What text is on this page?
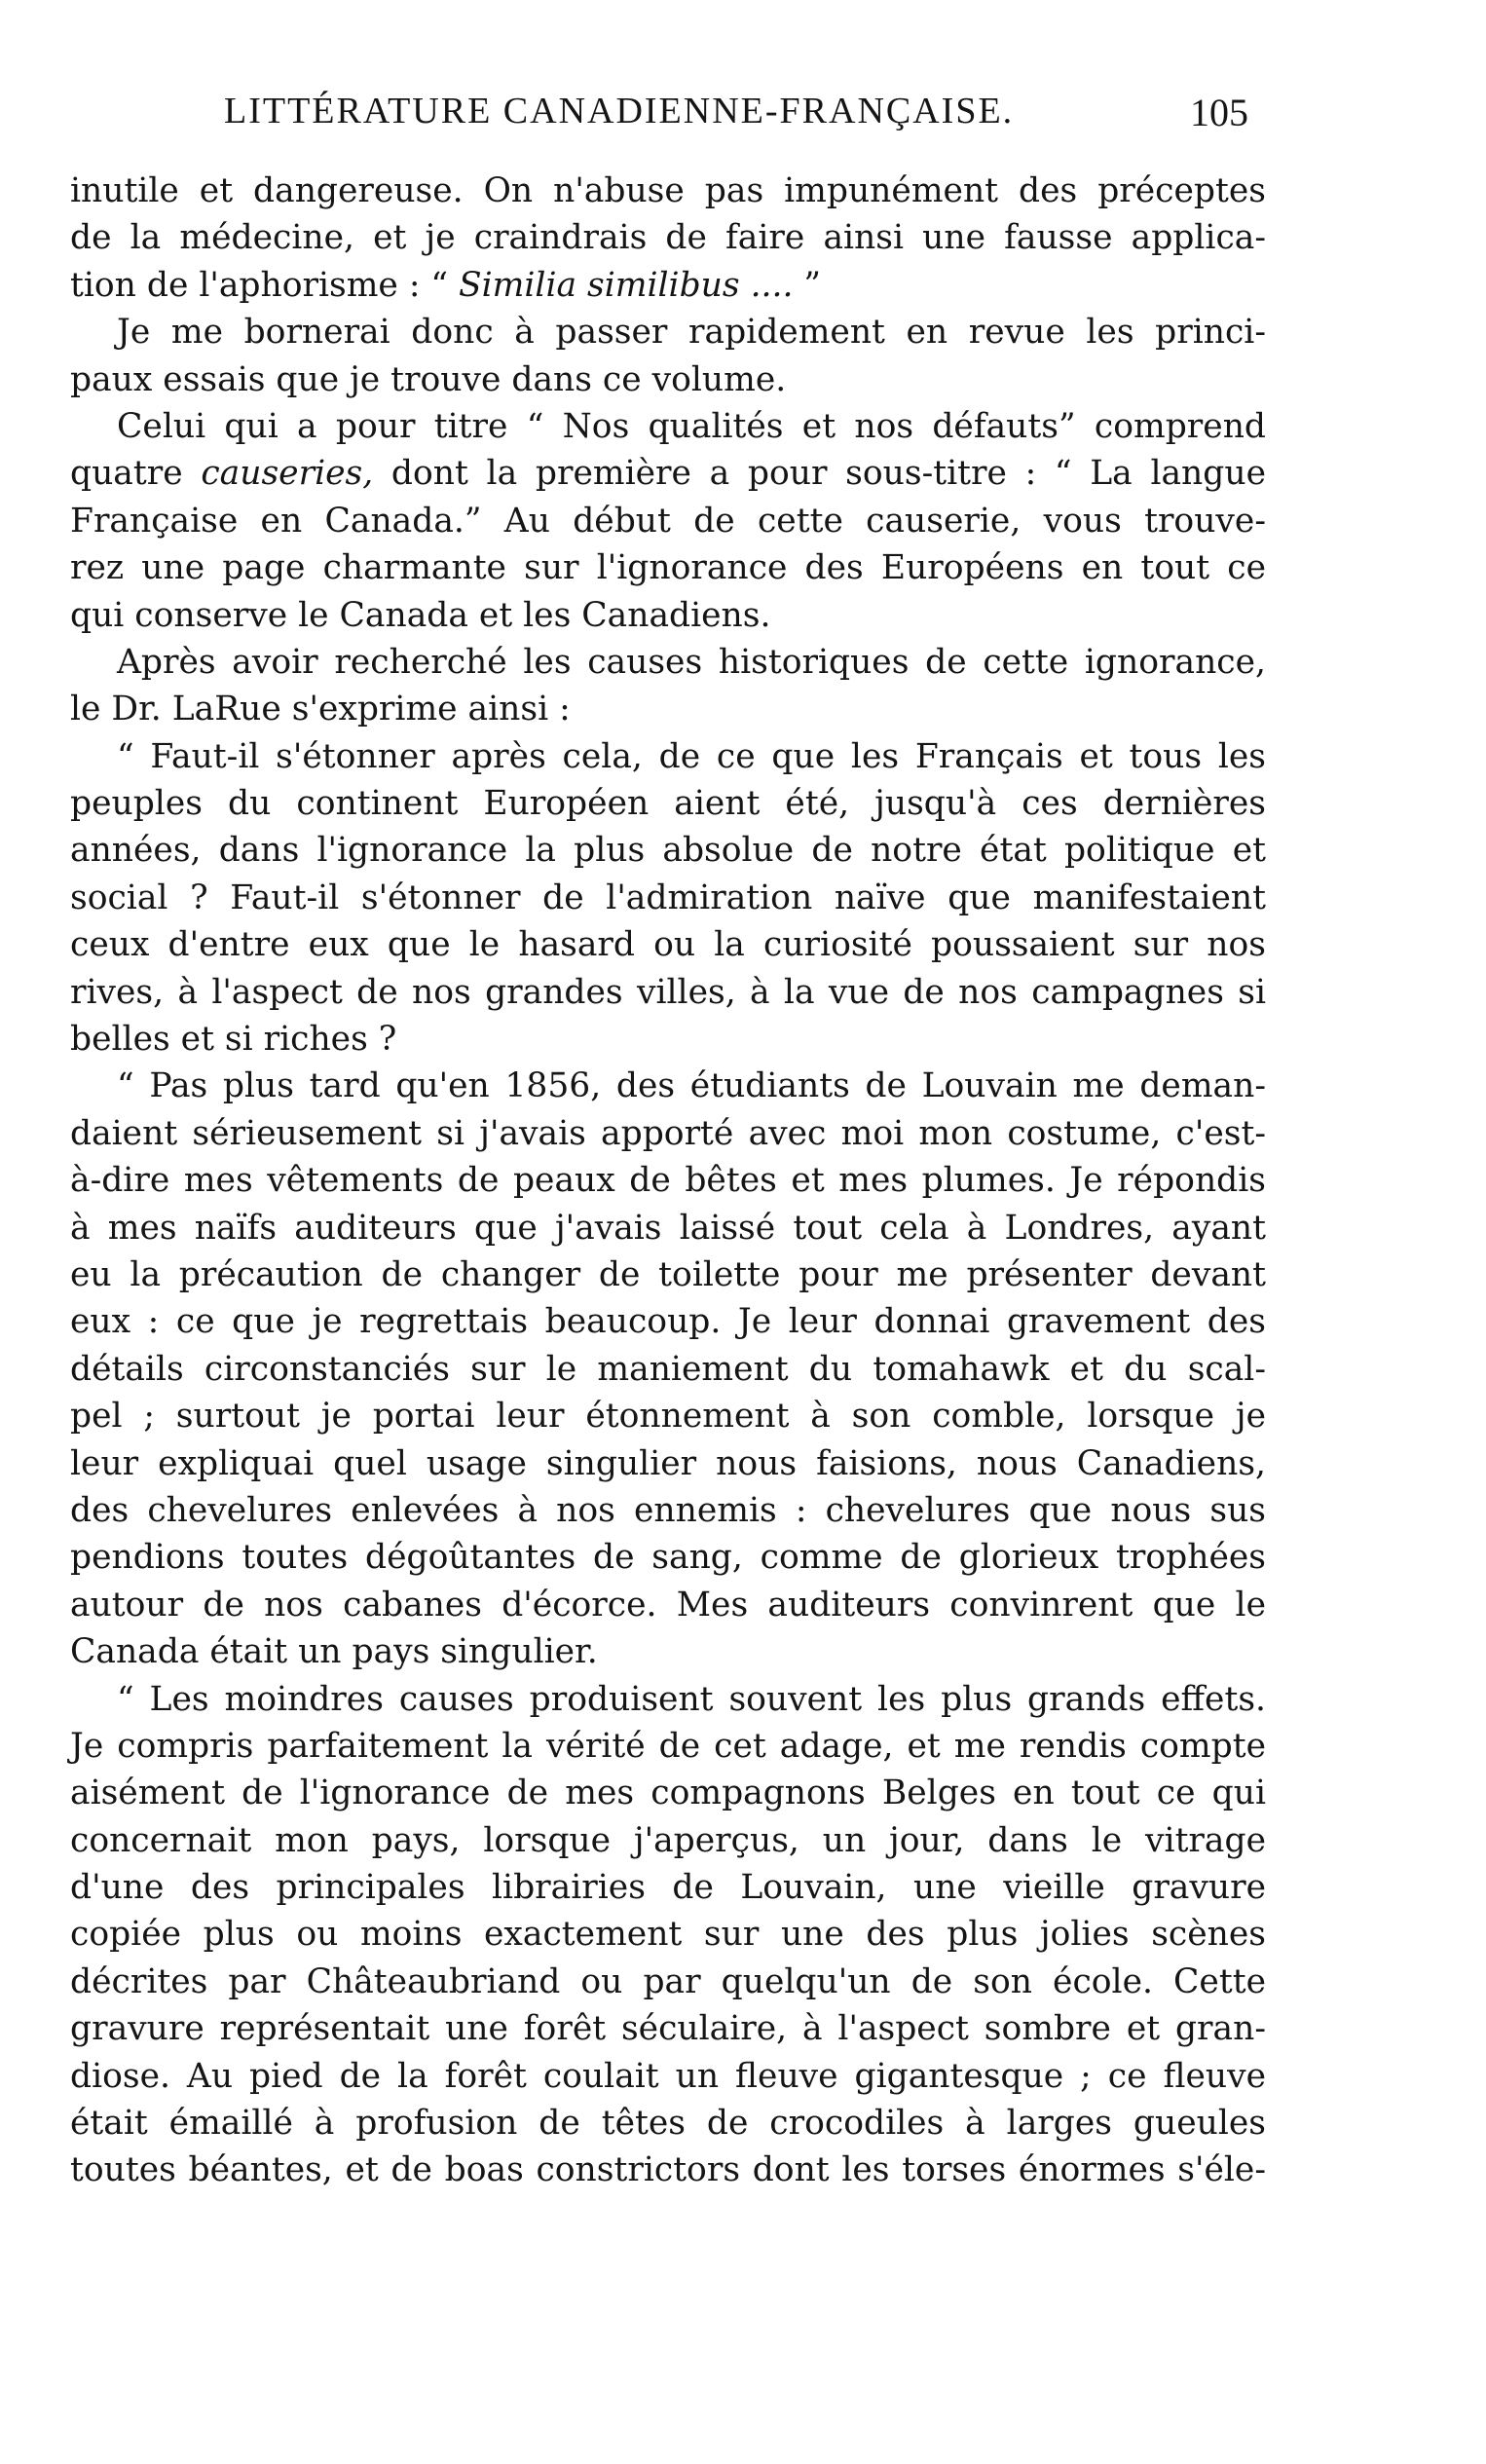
LITTÉRATURE CANADIENNE-FRANÇAISE.	105
inutile et dangereuse. On n'abuse pas impunément des préceptes
de la médecine, et je craindrais de faire ainsi une fausse applica-
tion de l'aphorisme : “ Similia similibus .... ”
Je me bornerai donc à passer rapidement en revue les princi-
paux essais que je trouve dans ce volume.
Celui qui a pour titre “ Nos qualités et nos défauts” comprend
quatre causeries, dont la première a pour sous-titre : “ La langue
Française en Canada.” Au début de cette causerie, vous trouve-
rez une page charmante sur l'ignorance des Européens en tout ce
qui conserve le Canada et les Canadiens.
Après avoir recherché les causes historiques de cette ignorance,
le Dr. LaRue s'exprime ainsi :
“ Faut-il s'étonner après cela, de ce que les Français et tous les
peuples du continent Européen aient été, jusqu'à ces dernières
années, dans l'ignorance la plus absolue de notre état politique et
social ? Faut-il s'étonner de l'admiration naïve que manifestaient
ceux d'entre eux que le hasard ou la curiosité poussaient sur nos
rives, à l'aspect de nos grandes villes, à la vue de nos campagnes si
belles et si riches ?
“ Pas plus tard qu'en 1856, des étudiants de Louvain me deman-
daient sérieusement si j'avais apporté avec moi mon costume, c'est-
à-dire mes vêtements de peaux de bêtes et mes plumes. Je répondis
à mes naïfs auditeurs que j'avais laissé tout cela à Londres, ayant
eu la précaution de changer de toilette pour me présenter devant
eux : ce que je regrettais beaucoup. Je leur donnai gravement des
détails circonstanciés sur le maniement du tomahawk et du scal-
pel ; surtout je portai leur étonnement à son comble, lorsque je
leur expliquai quel usage singulier nous faisions, nous Canadiens,
des chevelures enlevées à nos ennemis : chevelures que nous sus
pendions toutes dégoûtantes de sang, comme de glorieux trophées
autour de nos cabanes d'écorce. Mes auditeurs convinrent que le
Canada était un pays singulier.
“ Les moindres causes produisent souvent les plus grands effets.
Je compris parfaitement la vérité de cet adage, et me rendis compte
aisément de l'ignorance de mes compagnons Belges en tout ce qui
concernait mon pays, lorsque j'aperçus, un jour, dans le vitrage
d'une des principales librairies de Louvain, une vieille gravure
copiée plus ou moins exactement sur une des plus jolies scènes
décrites par Châteaubriand ou par quelqu'un de son école. Cette
gravure représentait une forêt séculaire, à l'aspect sombre et gran-
diose. Au pied de la forêt coulait un fleuve gigantesque ; ce fleuve
était émaillé à profusion de têtes de crocodiles à larges gueules
toutes béantes, et de boas constrictors dont les torses énormes s'éle-
